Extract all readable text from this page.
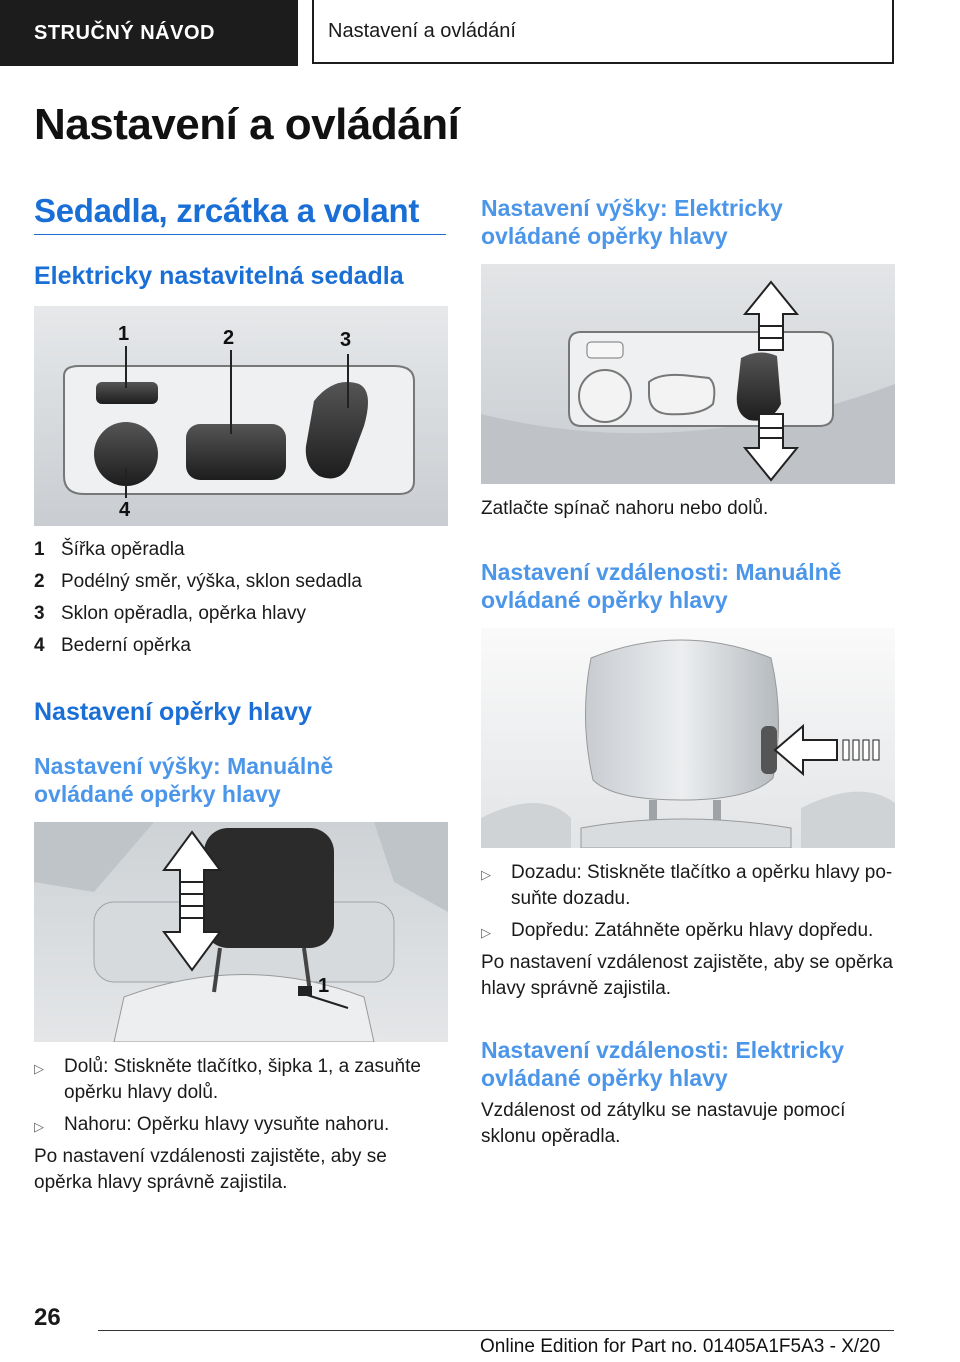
STRUČNÝ NÁVOD	Nastavení a ovládání
Nastavení a ovládání
Sedadla, zrcátka a volant
Elektricky nastavitelná sedadla
1	2	3
4
1 Šířka opěradla
2 Podélný směr, výška, sklon sedadla
3 Sklon opěradla, opěrka hlavy
4 Bederní opěrka
Nastavení opěrky hlavy
Nastavení výšky: Manuálně ovládané opěrky hlavy
1
▷	Dolů: Stiskněte tlačítko, šipka 1, a zasuňte opěrku hlavy dolů.
▷	Nahoru: Opěrku hlavy vysuňte nahoru.
Po nastavení vzdálenosti zajistěte, aby se opěrka hlavy správně zajistila.
Nastavení výšky: Elektricky ovládané opěrky hlavy
Zatlačte spínač nahoru nebo dolů.
Nastavení vzdálenosti: Manuálně ovládané opěrky hlavy
▷	Dozadu: Stiskněte tlačítko a opěrku hlavy po-suňte dozadu.
▷	Dopředu: Zatáhněte opěrku hlavy dopředu.
Po nastavení vzdálenost zajistěte, aby se opěrka hlavy správně zajistila.
Nastavení vzdálenosti: Elektricky ovládané opěrky hlavy
Vzdálenost od zátylku se nastavuje pomocí sklonu opěradla.
26
Online Edition for Part no. 01405A1F5A3 - X/20
